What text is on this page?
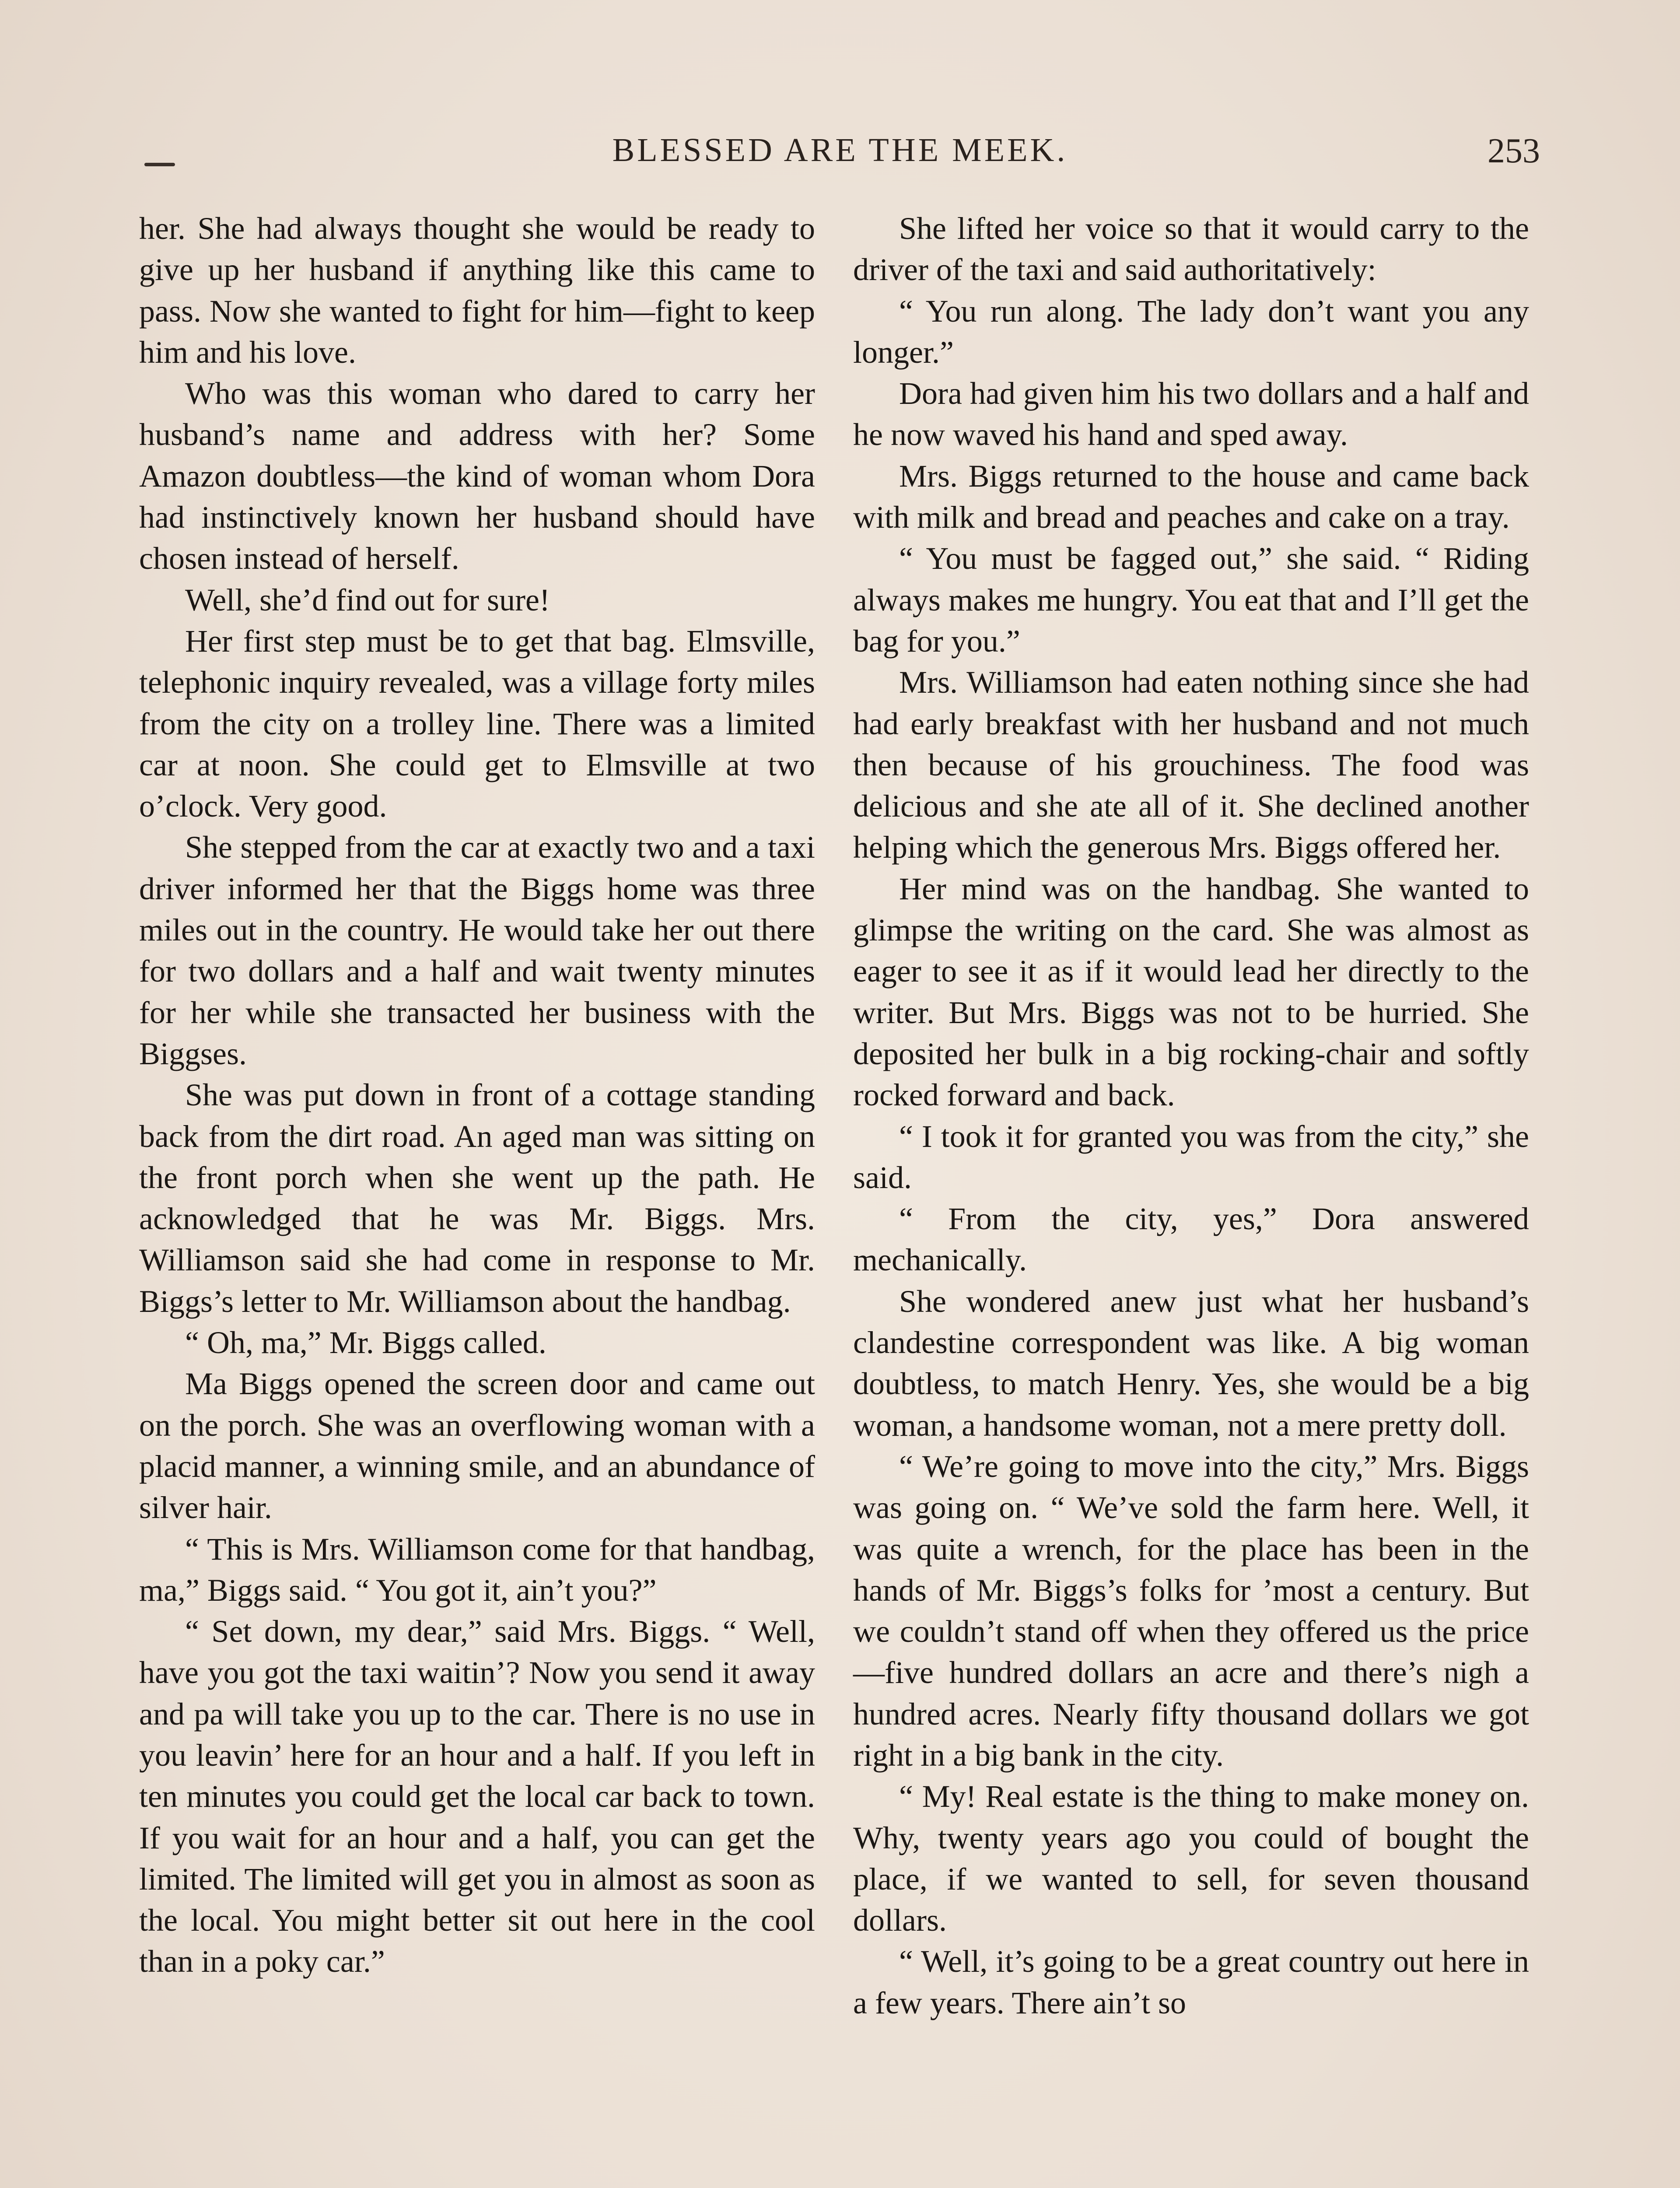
BLESSED ARE THE MEEK.	253

her. She had always thought she would be ready to give up her husband if anything like this came to pass. Now she wanted to fight for him—fight to keep him and his love.

Who was this woman who dared to carry her husband’s name and address with her? Some Amazon doubtless—the kind of woman whom Dora had instinctively known her husband should have chosen instead of herself.

Well, she’d find out for sure!

Her first step must be to get that bag. Elmsville, telephonic inquiry revealed, was a village forty miles from the city on a trolley line. There was a limited car at noon. She could get to Elmsville at two o’clock. Very good.

She stepped from the car at exactly two and a taxi driver informed her that the Biggs home was three miles out in the country. He would take her out there for two dollars and a half and wait twenty minutes for her while she transacted her business with the Biggses.

She was put down in front of a cottage standing back from the dirt road. An aged man was sitting on the front porch when she went up the path. He acknowledged that he was Mr. Biggs. Mrs. Williamson said she had come in response to Mr. Biggs’s letter to Mr. Williamson about the handbag.

“ Oh, ma,” Mr. Biggs called.

Ma Biggs opened the screen door and came out on the porch. She was an overflowing woman with a placid manner, a winning smile, and an abundance of silver hair.

“ This is Mrs. Williamson come for that handbag, ma,” Biggs said. “ You got it, ain’t you?”

“ Set down, my dear,” said Mrs. Biggs. “ Well, have you got the taxi waitin’? Now you send it away and pa will take you up to the car. There is no use in you leavin’ here for an hour and a half. If you left in ten minutes you could get the local car back to town. If you wait for an hour and a half, you can get the limited. The limited will get you in almost as soon as the local. You might better sit out here in the cool than in a poky car.”

She lifted her voice so that it would carry to the driver of the taxi and said authoritatively:

“ You run along. The lady don’t want you any longer.”

Dora had given him his two dollars and a half and he now waved his hand and sped away.

Mrs. Biggs returned to the house and came back with milk and bread and peaches and cake on a tray.

“ You must be fagged out,” she said. “ Riding always makes me hungry. You eat that and I’ll get the bag for you.”

Mrs. Williamson had eaten nothing since she had had early breakfast with her husband and not much then because of his grouchiness. The food was delicious and she ate all of it. She declined another helping which the generous Mrs. Biggs offered her.

Her mind was on the handbag. She wanted to glimpse the writing on the card. She was almost as eager to see it as if it would lead her directly to the writer. But Mrs. Biggs was not to be hurried. She deposited her bulk in a big rocking-chair and softly rocked forward and back.

“ I took it for granted you was from the city,” she said.

“ From the city, yes,” Dora answered mechanically.

She wondered anew just what her husband’s clandestine correspondent was like. A big woman doubtless, to match Henry. Yes, she would be a big woman, a handsome woman, not a mere pretty doll.

“ We’re going to move into the city,” Mrs. Biggs was going on. “ We’ve sold the farm here. Well, it was quite a wrench, for the place has been in the hands of Mr. Biggs’s folks for ’most a century. But we couldn’t stand off when they offered us the price—five hundred dollars an acre and there’s nigh a hundred acres. Nearly fifty thousand dollars we got right in a big bank in the city.

“ My! Real estate is the thing to make money on. Why, twenty years ago you could of bought the place, if we wanted to sell, for seven thousand dollars.

“ Well, it’s going to be a great country out here in a few years. There ain’t so
